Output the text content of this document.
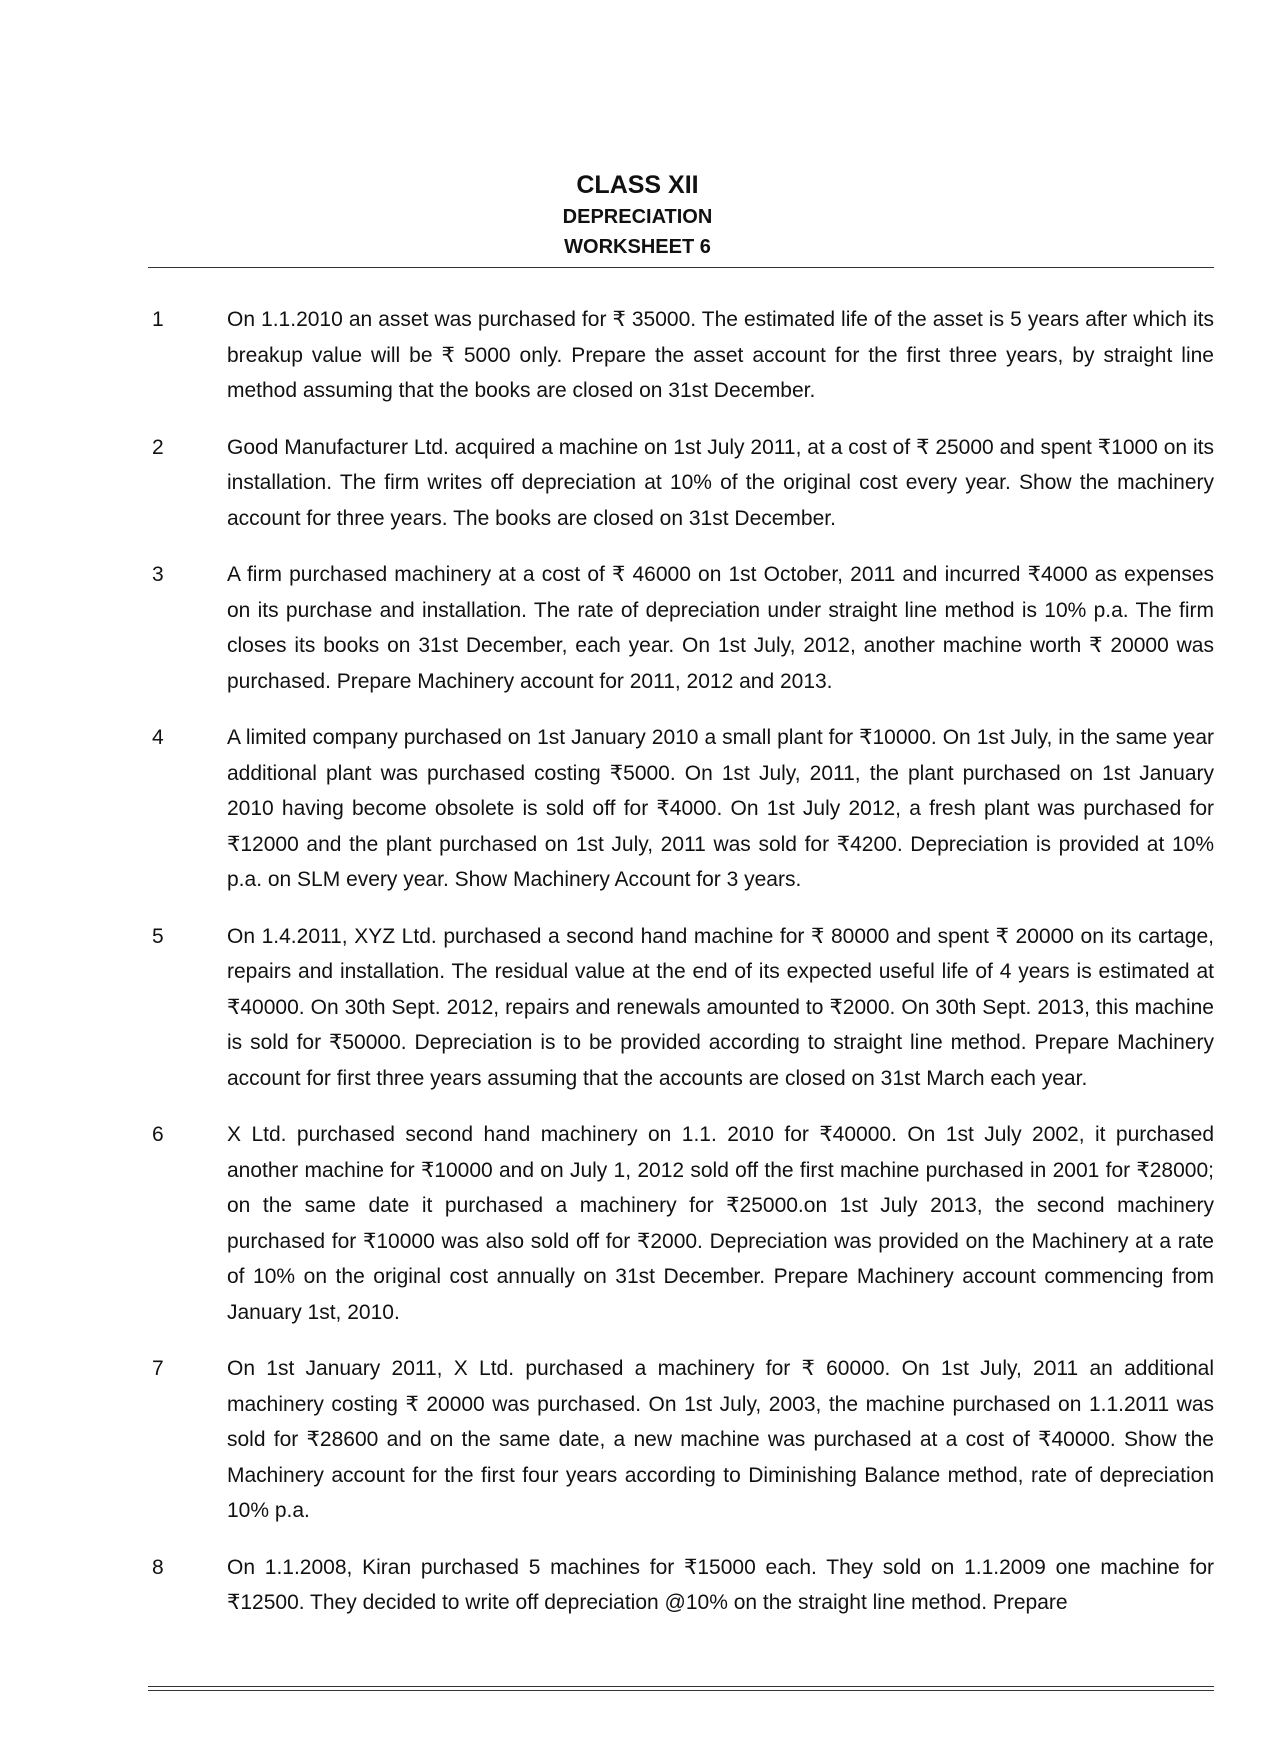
CLASS XII
DEPRECIATION
WORKSHEET 6
1	On 1.1.2010 an asset was purchased for ₹ 35000. The estimated life of the asset is 5 years after which its breakup value will be ₹ 5000 only. Prepare the asset account for the first three years, by straight line method assuming that the books are closed on 31st December.
2	Good Manufacturer Ltd. acquired a machine on 1st July 2011, at a cost of ₹ 25000 and spent ₹1000 on its installation. The firm writes off depreciation at 10% of the original cost every year. Show the machinery account for three years. The books are closed on 31st December.
3	A firm purchased machinery at a cost of ₹ 46000 on 1st October, 2011 and incurred ₹4000 as expenses on its purchase and installation. The rate of depreciation under straight line method is 10% p.a. The firm closes its books on 31st December, each year. On 1st July, 2012, another machine worth ₹ 20000 was purchased. Prepare Machinery account for 2011, 2012 and 2013.
4	A limited company purchased on 1st January 2010 a small plant for ₹10000. On 1st July, in the same year additional plant was purchased costing ₹5000. On 1st July, 2011, the plant purchased on 1st January 2010 having become obsolete is sold off for ₹4000. On 1st July 2012, a fresh plant was purchased for ₹12000 and the plant purchased on 1st July, 2011 was sold for ₹4200. Depreciation is provided at 10% p.a. on SLM every year. Show Machinery Account for 3 years.
5	On 1.4.2011, XYZ Ltd. purchased a second hand machine for ₹ 80000 and spent ₹ 20000 on its cartage, repairs and installation. The residual value at the end of its expected useful life of 4 years is estimated at ₹40000. On 30th Sept. 2012, repairs and renewals amounted to ₹2000. On 30th Sept. 2013, this machine is sold for ₹50000. Depreciation is to be provided according to straight line method. Prepare Machinery account for first three years assuming that the accounts are closed on 31st March each year.
6	X Ltd. purchased second hand machinery on 1.1. 2010 for ₹40000. On 1st July 2002, it purchased another machine for ₹10000 and on July 1, 2012 sold off the first machine purchased in 2001 for ₹28000; on the same date it purchased a machinery for ₹25000.on 1st July 2013, the second machinery purchased for ₹10000 was also sold off for ₹2000. Depreciation was provided on the Machinery at a rate of 10% on the original cost annually on 31st December. Prepare Machinery account commencing from January 1st, 2010.
7	On 1st January 2011, X Ltd. purchased a machinery for ₹ 60000. On 1st July, 2011 an additional machinery costing ₹ 20000 was purchased. On 1st July, 2003, the machine purchased on 1.1.2011 was sold for ₹28600 and on the same date, a new machine was purchased at a cost of ₹40000. Show the Machinery account for the first four years according to Diminishing Balance method, rate of depreciation 10% p.a.
8	On 1.1.2008, Kiran purchased 5 machines for ₹15000 each. They sold on 1.1.2009 one machine for ₹12500. They decided to write off depreciation @10% on the straight line method. Prepare
